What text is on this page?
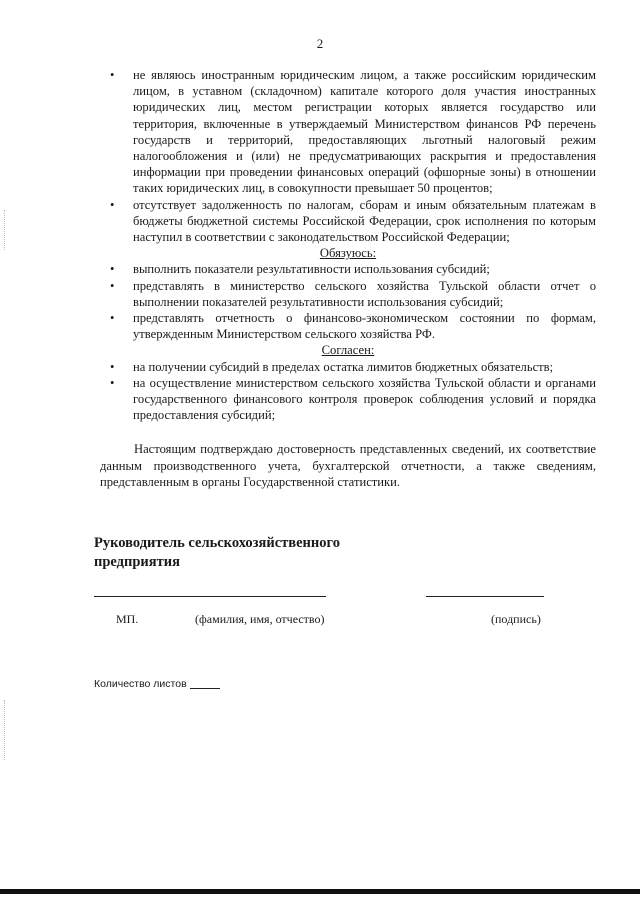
2
• не являюсь иностранным юридическим лицом, а также российским юридическим лицом, в уставном (складочном) капитале которого доля участия иностранных юридических лиц, местом регистрации которых является государство или территория, включенные в утверждаемый Министерством финансов РФ перечень государств и территорий, предоставляющих льготный налоговый режим налогообложения и (или) не предусматривающих раскрытия и предоставления информации при проведении финансовых операций (офшорные зоны) в отношении таких юридических лиц, в совокупности превышает 50 процентов;
• отсутствует задолженность по налогам, сборам и иным обязательным платежам в бюджеты бюджетной системы Российской Федерации, срок исполнения по которым наступил в соответствии с законодательством Российской Федерации;
Обязуюсь:
• выполнить показатели результативности использования субсидий;
• представлять в министерство сельского хозяйства Тульской области отчет о выполнении показателей результативности использования субсидий;
• представлять отчетность о финансово-экономическом состоянии по формам, утвержденным Министерством сельского хозяйства РФ.
Согласен:
• на получении субсидий в пределах остатка лимитов бюджетных обязательств;
• на осуществление министерством сельского хозяйства Тульской области и органами государственного финансового контроля проверок соблюдения условий и порядка предоставления субсидий;
Настоящим подтверждаю достоверность представленных сведений, их соответствие данным производственного учета, бухгалтерской отчетности, а также сведениям, представленным в органы Государственной статистики.
Руководитель сельскохозяйственного
предприятия
МП.	(фамилия, имя, отчество)	(подпись)
Количество листов
